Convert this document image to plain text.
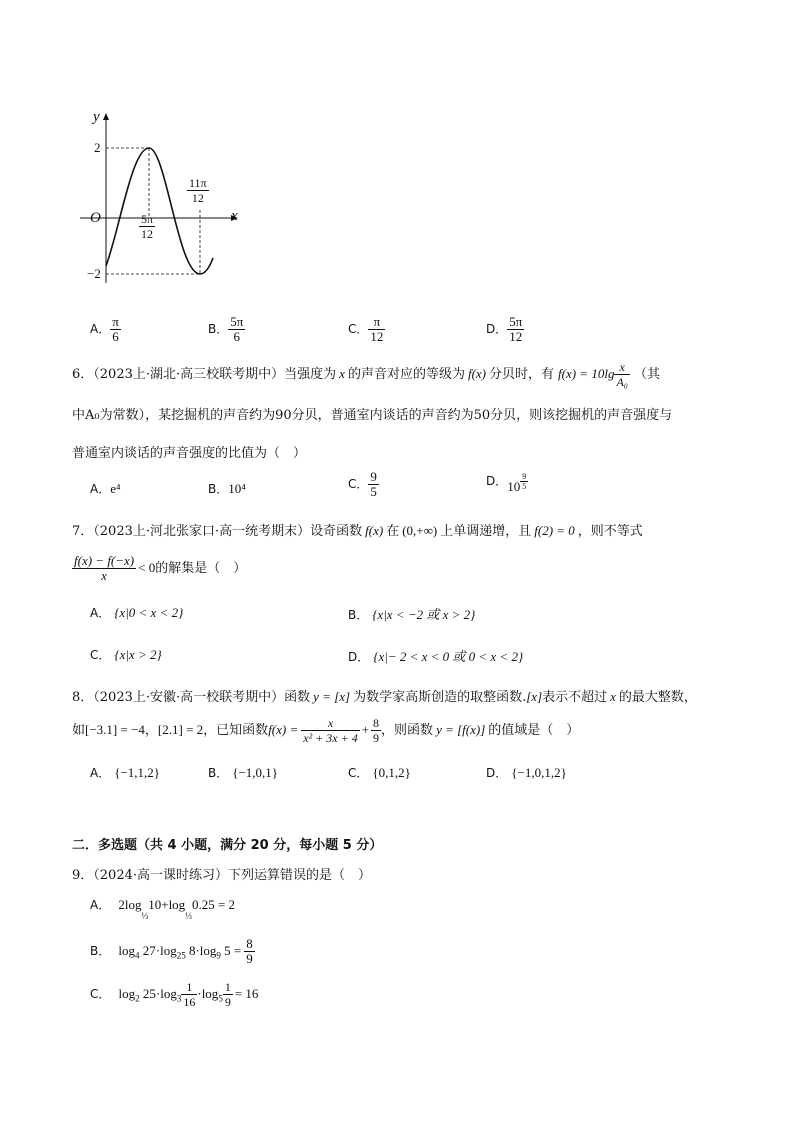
y
x
O
2
−2
$\frac{5\pi}{12}$
$\frac{11\pi}{12}$
A． $\frac{\pi}{6}$	B． $\frac{5\pi}{6}$	C． $\frac{\pi}{12}$	D． $\frac{5\pi}{12}$
6．（2023上·湖北·高三校联考期中）当强度为 x 的声音对应的等级为 f(x) 分贝时，有 $f(x) = 10\lg \frac{x}{\text{A₀}}$ （其
中A₀为常数），某挖掘机的声音约为90分贝，普通室内谈话的声音约为50分贝，则该挖掘机的声音强度与
普通室内谈话的声音强度的比值为（　）
A．e⁴	B．10⁴	C． $\frac{9}{5}$	D．$10 \frac{9}{5}$
7．（2023上·河北张家口·高一统考期末）设奇函数 f(x) 在 (0,+∞) 上单调递增，且 f(2) = 0 ，则不等式
$\frac{f(x) - f(-x)}{x} < 0$的解集是（　）
A． {x|0 < x < 2}	B． {x|x < −2 或 x > 2}
C． {x|x > 2}	D． {x|− 2 < x < 0 或 0 < x < 2}
8．（2023上·安徽·高一校联考期中）函数 y = [x] 为数学家高斯创造的取整函数.[x]表示不超过 x 的最大整数，
如[−3.1] = −4，[2.1] = 2，已知函数$f(x) = \frac{x}{\text{x² + 3x + 4}} + \frac{8}{9}$ ，则函数 y = [f(x)] 的值域是（　）
A． {−1,1,2}	B． {−1,0,1}	C． {0,1,2}	D． {−1,0,1,2}
二．多选题（共 4 小题，满分 20 分，每小题 5 分）
9．（2024·高一课时练习）下列运算错误的是（　）
A． $2\log_{\frac{1}{3}}10+\log_{\frac{1}{3}}0.25 = 2$
B． $\log_4 27\cdot\log_{25}$ $8\cdot\log_9$ $5 = \frac{8}{9}$
C． $\log_2 25\cdot\log_3 \frac{1}{16} \cdot\log_5 \frac{1}{9} = 16$
